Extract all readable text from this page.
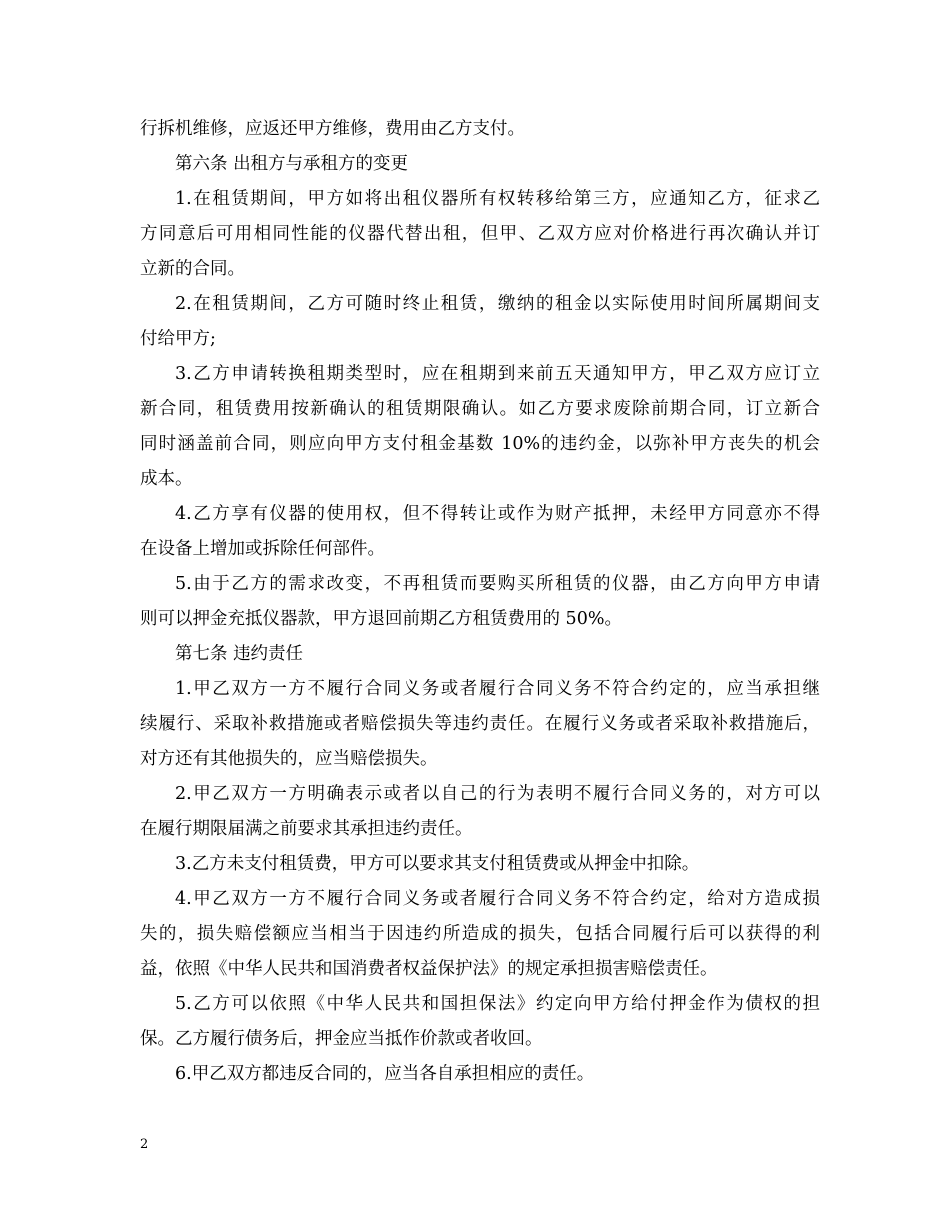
行拆机维修，应返还甲方维修，费用由乙方支付。
第六条 出租方与承租方的变更
1.在租赁期间，甲方如将出租仪器所有权转移给第三方，应通知乙方，征求乙
方同意后可用相同性能的仪器代替出租，但甲、乙双方应对价格进行再次确认并订
立新的合同。
2.在租赁期间，乙方可随时终止租赁，缴纳的租金以实际使用时间所属期间支
付给甲方;
3.乙方申请转换租期类型时，应在租期到来前五天通知甲方，甲乙双方应订立
新合同，租赁费用按新确认的租赁期限确认。如乙方要求废除前期合同，订立新合
同时涵盖前合同，则应向甲方支付租金基数 10%的违约金，以弥补甲方丧失的机会
成本。
4.乙方享有仪器的使用权，但不得转让或作为财产抵押，未经甲方同意亦不得
在设备上增加或拆除任何部件。
5.由于乙方的需求改变，不再租赁而要购买所租赁的仪器，由乙方向甲方申请
则可以押金充抵仪器款，甲方退回前期乙方租赁费用的 50%。
第七条 违约责任
1.甲乙双方一方不履行合同义务或者履行合同义务不符合约定的，应当承担继
续履行、采取补救措施或者赔偿损失等违约责任。在履行义务或者采取补救措施后，
对方还有其他损失的，应当赔偿损失。
2.甲乙双方一方明确表示或者以自己的行为表明不履行合同义务的，对方可以
在履行期限届满之前要求其承担违约责任。
3.乙方未支付租赁费，甲方可以要求其支付租赁费或从押金中扣除。
4.甲乙双方一方不履行合同义务或者履行合同义务不符合约定，给对方造成损
失的，损失赔偿额应当相当于因违约所造成的损失，包括合同履行后可以获得的利
益，依照《中华人民共和国消费者权益保护法》的规定承担损害赔偿责任。
5.乙方可以依照《中华人民共和国担保法》约定向甲方给付押金作为债权的担
保。乙方履行债务后，押金应当抵作价款或者收回。
6.甲乙双方都违反合同的，应当各自承担相应的责任。
2
